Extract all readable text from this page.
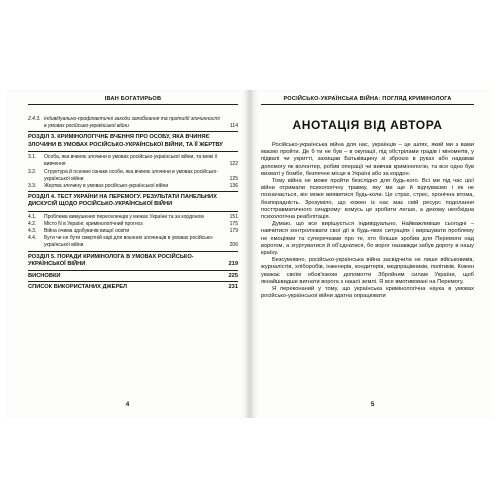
ІВАН БОГАТИРЬОВ
2.4.3. Індивідуально-профілактичні заходи запобігання та протидії злочинності в умовах російсько-української війни	114
РОЗДІЛ 3. КРИМІНОЛОГІЧНЕ ВЧЕННЯ ПРО ОСОБУ, ЯКА ВЧИНЯЄ ЗЛОЧИНИ В УМОВАХ РОСІЙСЬКО-УКРАЇНСЬКОЇ ВІЙНИ, ТА ЇЇ ЖЕРТВУ
3.1. Особа, яка вчиняє злочини в умовах російсько-української війни, та межі її вивчення	122
3.2. Структура й основні ознаки особи, яка вчиняє злочини в умовах російсько-української війни	125
3.3. Жертва злочину в умовах російсько-української війни	136
РОЗДІЛ 4. ТЕСТ УКРАЇНИ НА ПЕРЕМОГУ. РЕЗУЛЬТАТИ ПАНЕЛЬНИХ ДИСКУСІЙ ЩОДО РОСІЙСЬКО-УКРАЇНСЬКОЇ ВІЙНИ
4.1. Проблема вимушених переселенців у межах України та за кордоном	151
4.2. Місто N в Україні: кримінологічний прогноз	175
4.3. Війна очима здобувачів вищої освіти	179
4.4. Бути чи не бути смертній карі для воєнних злочинців в умовах російсько-української війни	206
РОЗДІЛ 5. ПОРАДИ КРИМІНОЛОГА В УМОВАХ РОСІЙСЬКО-УКРАЇНСЬКОЇ ВІЙНИ	219
ВИСНОВКИ	225
СПИСОК ВИКОРИСТАНИХ ДЖЕРЕЛ	231
4
РОСІЙСЬКО-УКРАЇНСЬКА ВІЙНА: ПОГЛЯД КРИМІНОЛОГА
АНОТАЦІЯ ВІД АВТОРА

Російсько-українська війна для нас, українців – це шлях, який ми з вами маємо пройти. Де б ти не був – в окупації, під обстрілами градів і мінометів, у підвалі чи укритті, захищав Батьківщину зі зброєю в руках або надавав допомогу як волонтер, робив операції чи вивчав кримінологію, та все одно був вихваті у бомбе, безпечне місце в Україні або за кордон.

Тому війна не може пройти безслідно для будь-кого. Всі ми під час цієї війни отримали психологічну травму, яку ми ще й відчуваємо і як не позначається, він може виявитися будь-коли. Це страх, стрес, хронічна втома, безпорадність. Зрозуміло, що кожен із нас має свій ресурс подолання посттравматичного синдрому: комусь це зробити легше, а декому необхідна психологічна реабілітація.

Думаю, що все вирішується індивідуально. Найважливіше сьогодні – навчитися контролювати свої дії в будь-яких ситуаціях і вирішувати проблему не емоціями та суперечками про те, хто більше зробив для Перемоги над ворогом, а згуртуватися й об'єднатися, бо ворог назавжди забув дорогу в нашу країну.

Безсумнівно, російсько-українська війна засвідчила не лише військовиків, журналістів, хліборобів, інженерів, кондитерів, медпрацівників, політиків. Кожен уважає своїм обов'язком допомогти Збройним силам України, щоб якнайшвидше вигнати ворога з нашої землі. Я все вмотивовані на Перемогу.

Я переконаний у тому, що українська кримінологічна наука в умовах російсько-української війни здатна опрацювати

5
